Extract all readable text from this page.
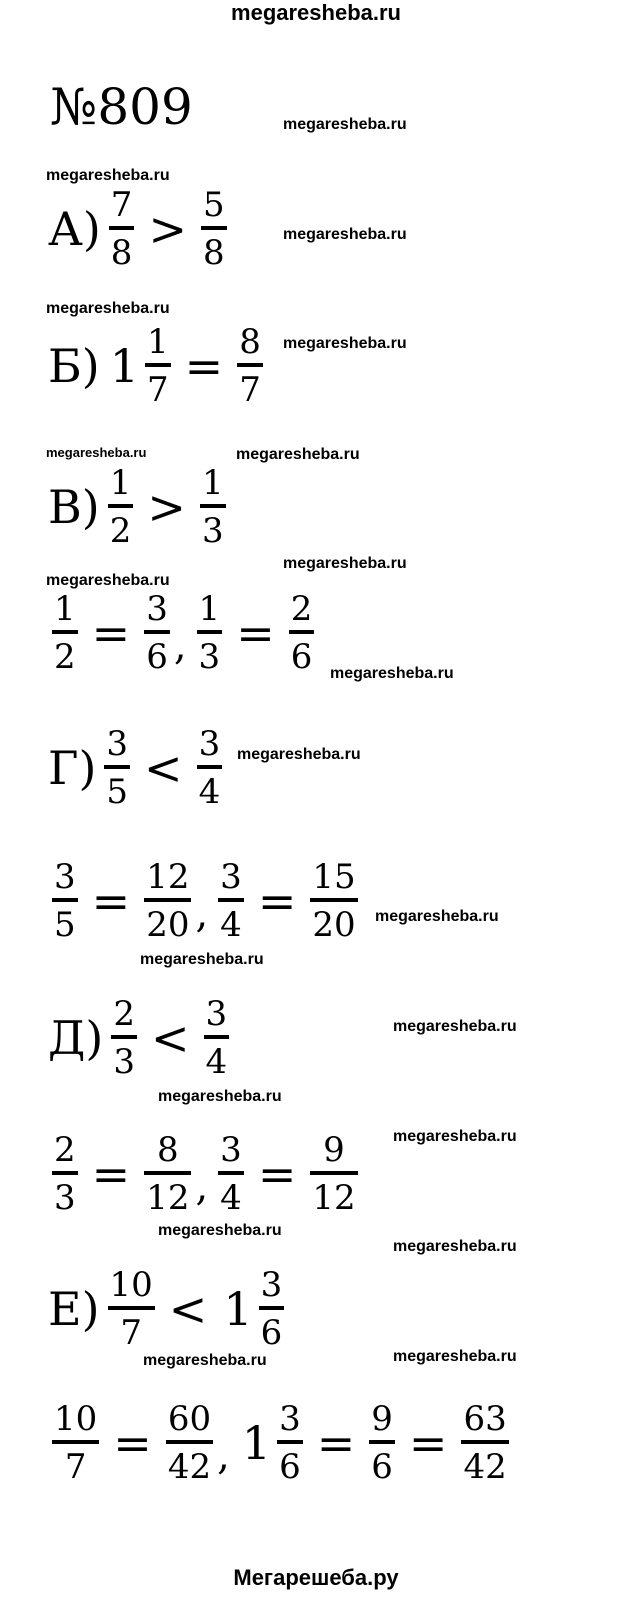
megaresheba.ru
№809	megaresheba.ru
megaresheba.ru
megaresheba.ru
megaresheba.ru
megaresheba.ru
megaresheba.ru	megaresheba.ru
megaresheba.ru
megaresheba.ru
megaresheba.ru
megaresheba.ru
megaresheba.ru
megaresheba.ru
megaresheba.ru
megaresheba.ru
megaresheba.ru
megaresheba.ru
megaresheba.ru
megaresheba.ru	megaresheba.ru
$А) \frac{7}{8} > \frac{5}{8}$
Б) $1 \frac{1}{7} = \frac{8}{7}$
$В) \frac{1}{2} > \frac{1}{3}$
$\frac{1}{2} = \frac{3}{6}$ , $\frac{1}{3} = \frac{2}{6}$
$Г) \frac{3}{5} < \frac{3}{4}$
$\frac{3}{5} = \frac{12}{20}$ , $\frac{3}{4} = \frac{15}{20}$
$Д) \frac{2}{3} < \frac{3}{4}$
$\frac{2}{3} = \frac{8}{12}$ , $\frac{3}{4} = \frac{9}{12}$
$Е) \frac{10}{7} < 1 \frac{3}{6}$
$\frac{10}{7} = \frac{60}{42}$ , $1 \frac{3}{6} = \frac{9}{6} = \frac{63}{42}$
Мегарешеба.ру
